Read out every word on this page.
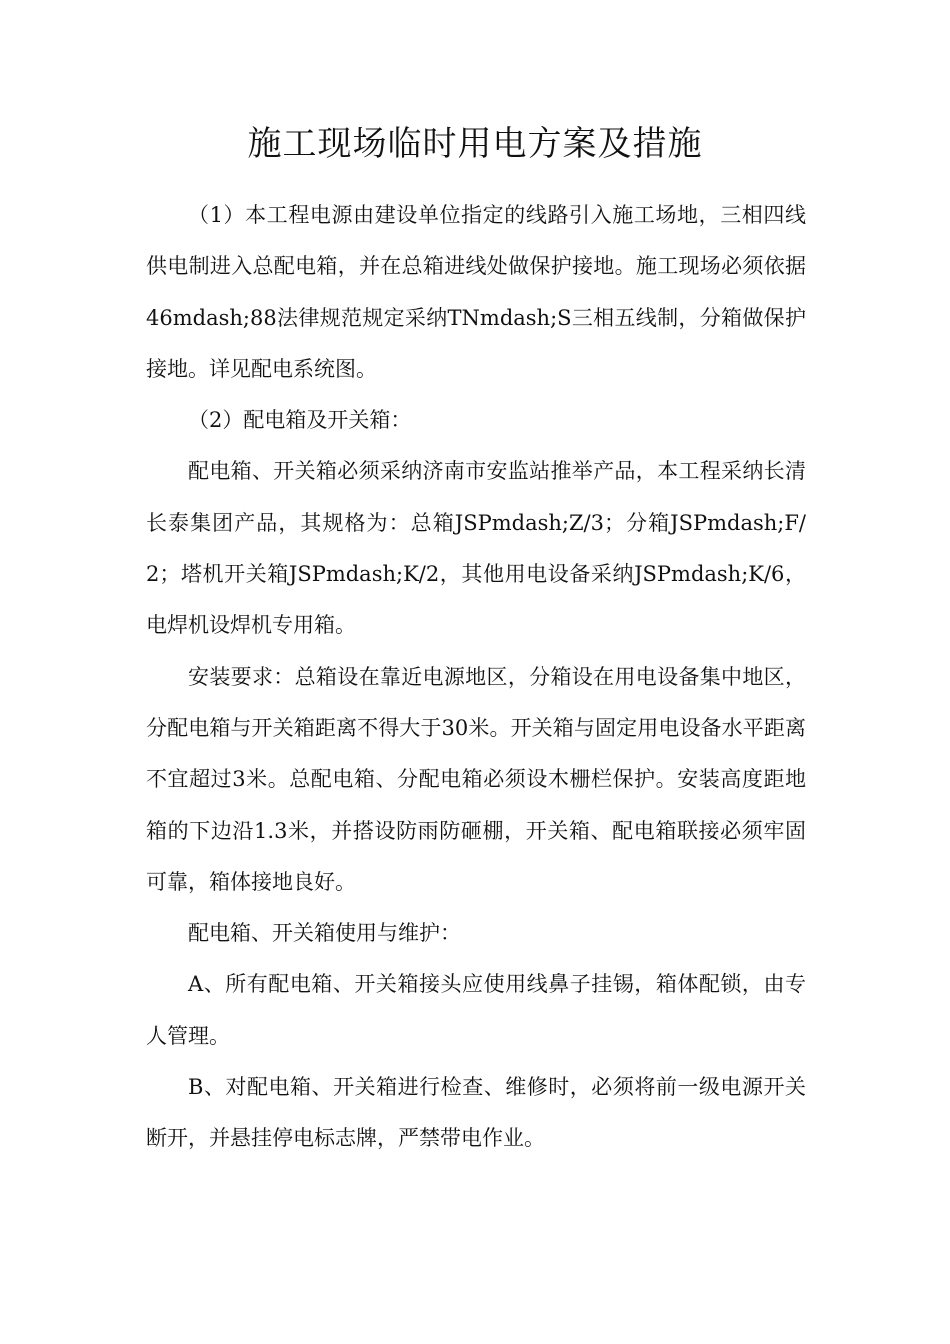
施工现场临时用电方案及措施

（1）本工程电源由建设单位指定的线路引入施工场地，三相四线供电制进入总配电箱，并在总箱进线处做保护接地。施工现场必须依据46mdash;88法律规范规定采纳TNmdash;S三相五线制，分箱做保护接地。详见配电系统图。

（2）配电箱及开关箱：

配电箱、开关箱必须采纳济南市安监站推举产品，本工程采纳长清长泰集团产品，其规格为：总箱JSPmdash;Z/3；分箱JSPmdash;F/2；塔机开关箱JSPmdash;K/2，其他用电设备采纳JSPmdash;K/6，电焊机设焊机专用箱。

安装要求：总箱设在靠近电源地区，分箱设在用电设备集中地区，分配电箱与开关箱距离不得大于30米。开关箱与固定用电设备水平距离不宜超过3米。总配电箱、分配电箱必须设木栅栏保护。安装高度距地箱的下边沿1.3米，并搭设防雨防砸棚，开关箱、配电箱联接必须牢固可靠，箱体接地良好。

配电箱、开关箱使用与维护：

A、所有配电箱、开关箱接头应使用线鼻子挂锡，箱体配锁，由专人管理。

B、对配电箱、开关箱进行检查、维修时，必须将前一级电源开关断开，并悬挂停电标志牌，严禁带电作业。
